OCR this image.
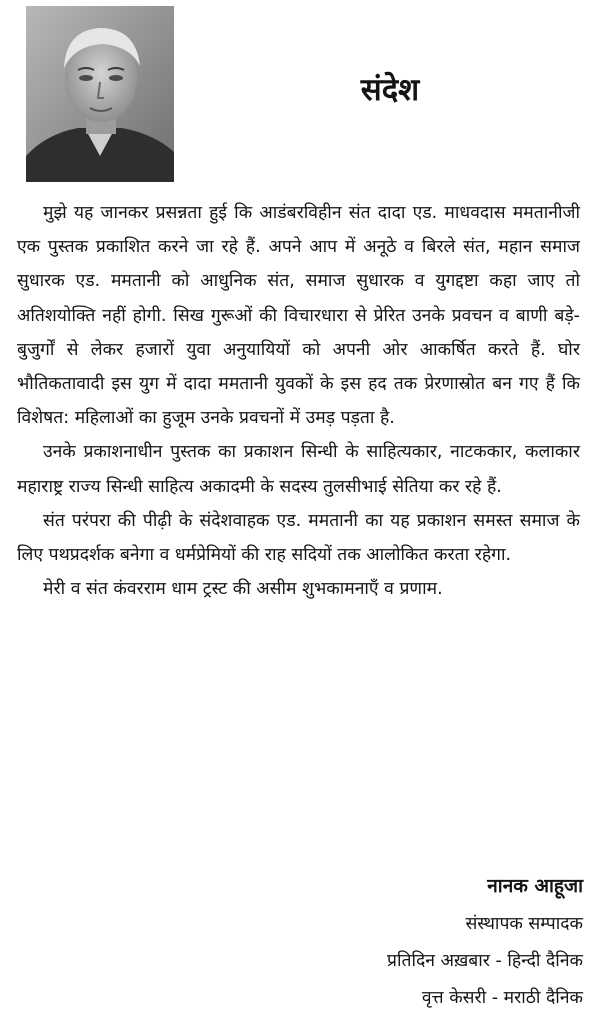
संदेश

मुझे यह जानकर प्रसन्नता हुई कि आडंबरविहीन संत दादा एड. माधवदास ममतानीजी एक पुस्तक प्रकाशित करने जा रहे हैं. अपने आप में अनूठे व बिरले संत, महान समाज सुधारक एड. ममतानी को आधुनिक संत, समाज सुधारक व युगद्दष्टा कहा जाए तो अतिशयोक्ति नहीं होगी. सिख गुरूओं की विचारधारा से प्रेरित उनके प्रवचन व बाणी बड़े-बुजुर्गों से लेकर हजारों युवा अनुयायियों को अपनी ओर आकर्षित करते हैं. घोर भौतिकतावादी इस युग में दादा ममतानी युवकों के इस हद तक प्रेरणास्रोत बन गए हैं कि विशेषत: महिलाओं का हुजूम उनके प्रवचनों में उमड़ पड़ता है.

उनके प्रकाशनाधीन पुस्तक का प्रकाशन सिन्धी के साहित्यकार, नाटककार, कलाकार महाराष्ट्र राज्य सिन्धी साहित्य अकादमी के सदस्य तुलसीभाई सेतिया कर रहे हैं.

संत परंपरा की पीढ़ी के संदेशवाहक एड. ममतानी का यह प्रकाशन समस्त समाज के लिए पथप्रदर्शक बनेगा व धर्मप्रेमियों की राह सदियों तक आलोकित करता रहेगा.

मेरी व संत कंवरराम धाम ट्रस्ट की असीम शुभकामनाएँ व प्रणाम.

नानक आहूजा
संस्थापक सम्पादक
प्रतिदिन अख़बार - हिन्दी दैनिक
वृत्त केसरी - मराठी दैनिक
